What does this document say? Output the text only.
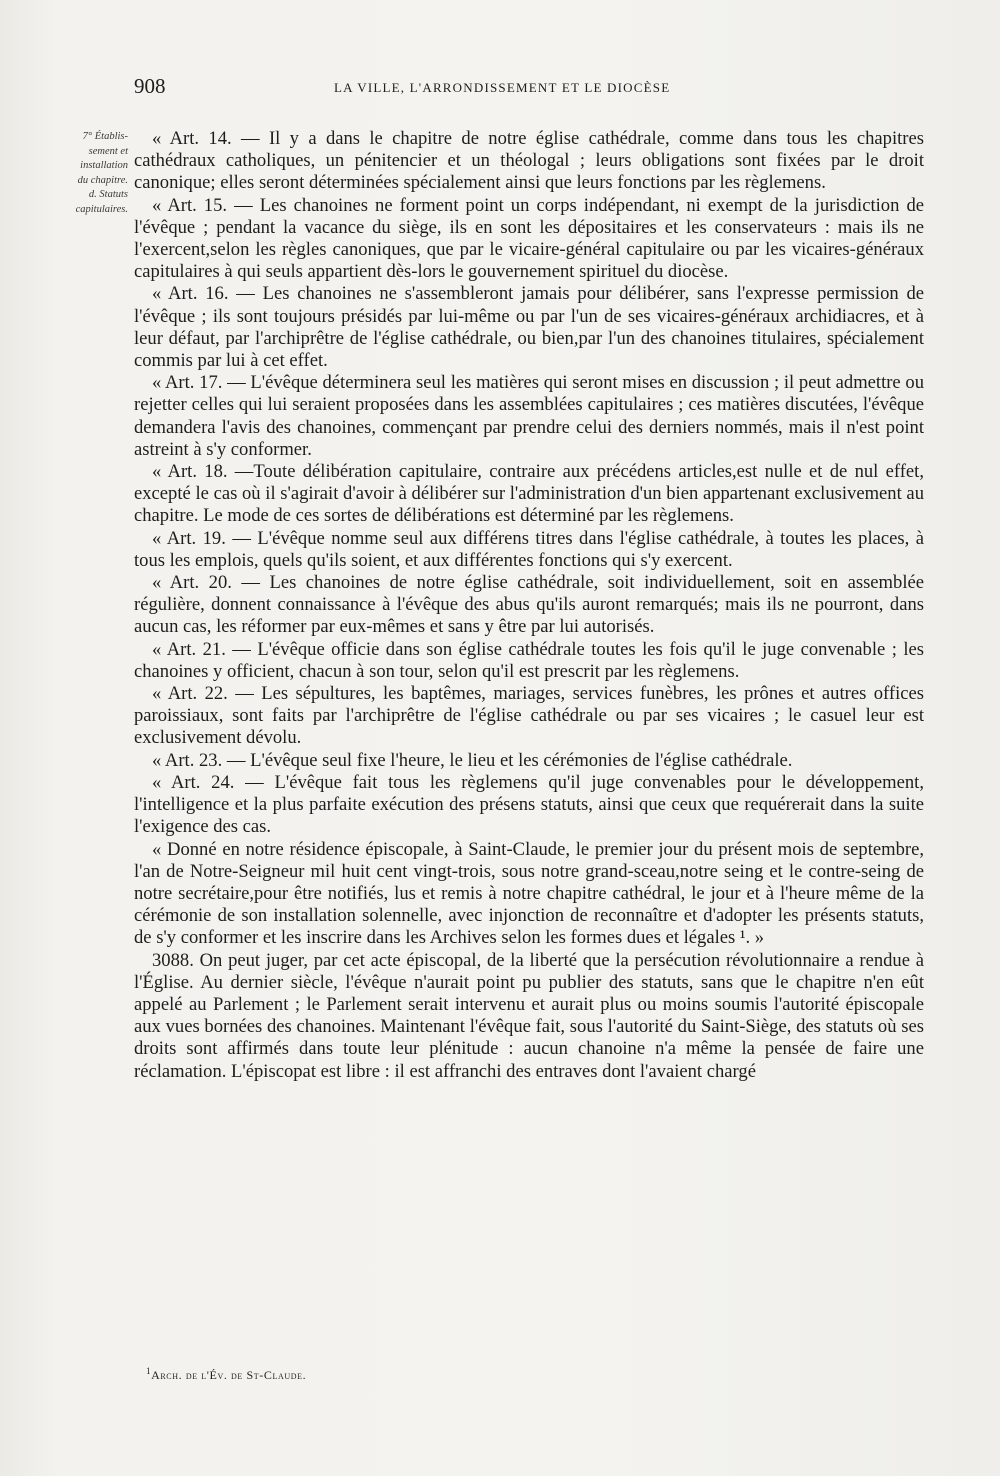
908	LA VILLE, L'ARRONDISSEMENT ET LE DIOCÈSE
7° Établis-
sement et
installation
du chapitre.
d. Statuts
capitulaires.

« Art. 14. — Il y a dans le chapitre de notre église cathédrale, comme dans tous les chapitres cathédraux catholiques, un pénitencier et un théologal ; leurs obligations sont fixées par le droit canonique; elles seront déterminées spécialement ainsi que leurs fonctions par les règlemens.

« Art. 15. — Les chanoines ne forment point un corps indépendant, ni exempt de la jurisdiction de l'évêque ; pendant la vacance du siège, ils en sont les dépositaires et les conservateurs : mais ils ne l'exercent,selon les règles canoniques, que par le vicaire-général capitulaire ou par les vicaires-généraux capitulaires à qui seuls appartient dès-lors le gouvernement spirituel du diocèse.

« Art. 16. — Les chanoines ne s'assembleront jamais pour délibérer, sans l'expresse permission de l'évêque ; ils sont toujours présidés par lui-même ou par l'un de ses vicaires-généraux archidiacres, et à leur défaut, par l'archiprêtre de l'église cathédrale, ou bien,par l'un des chanoines titulaires, spécialement commis par lui à cet effet.

« Art. 17. — L'évêque déterminera seul les matières qui seront mises en discussion ; il peut admettre ou rejetter celles qui lui seraient proposées dans les assemblées capitulaires ; ces matières discutées, l'évêque demandera l'avis des chanoines, commençant par prendre celui des derniers nommés, mais il n'est point astreint à s'y conformer.

« Art. 18. —Toute délibération capitulaire, contraire aux précédens articles,est nulle et de nul effet, excepté le cas où il s'agirait d'avoir à délibérer sur l'administration d'un bien appartenant exclusivement au chapitre. Le mode de ces sortes de délibérations est déterminé par les règlemens.

« Art. 19. — L'évêque nomme seul aux différens titres dans l'église cathédrale, à toutes les places, à tous les emplois, quels qu'ils soient, et aux différentes fonctions qui s'y exercent.

« Art. 20. — Les chanoines de notre église cathédrale, soit individuellement, soit en assemblée régulière, donnent connaissance à l'évêque des abus qu'ils auront remarqués; mais ils ne pourront, dans aucun cas, les réformer par eux-mêmes et sans y être par lui autorisés.

« Art. 21. — L'évêque officie dans son église cathédrale toutes les fois qu'il le juge convenable ; les chanoines y officient, chacun à son tour, selon qu'il est prescrit par les règlemens.

« Art. 22. — Les sépultures, les baptêmes, mariages, services funèbres, les prônes et autres offices paroissiaux, sont faits par l'archiprêtre de l'église cathédrale ou par ses vicaires ; le casuel leur est exclusivement dévolu.

« Art. 23. — L'évêque seul fixe l'heure, le lieu et les cérémonies de l'église cathédrale.

« Art. 24. — L'évêque fait tous les règlemens qu'il juge convenables pour le développement, l'intelligence et la plus parfaite exécution des présens statuts, ainsi que ceux que requérerait dans la suite l'exigence des cas.

« Donné en notre résidence épiscopale, à Saint-Claude, le premier jour du présent mois de septembre, l'an de Notre-Seigneur mil huit cent vingt-trois, sous notre grand-sceau,notre seing et le contre-seing de notre secrétaire,pour être notifiés, lus et remis à notre chapitre cathédral, le jour et à l'heure même de la cérémonie de son installation solennelle, avec injonction de reconnaître et d'adopter les présents statuts, de s'y conformer et les inscrire dans les Archives selon les formes dues et légales ¹. »

3088. On peut juger, par cet acte épiscopal, de la liberté que la persécution révolutionnaire a rendue à l'Église. Au dernier siècle, l'évêque n'aurait point pu publier des statuts, sans que le chapitre n'en eût appelé au Parlement ; le Parlement serait intervenu et aurait plus ou moins soumis l'autorité épiscopale aux vues bornées des chanoines. Maintenant l'évêque fait, sous l'autorité du Saint-Siège, des statuts où ses droits sont affirmés dans toute leur plénitude : aucun chanoine n'a même la pensée de faire une réclamation. L'épiscopat est libre : il est affranchi des entraves dont l'avaient chargé

$^1$Arch. de l'Év. de St-Claude.
